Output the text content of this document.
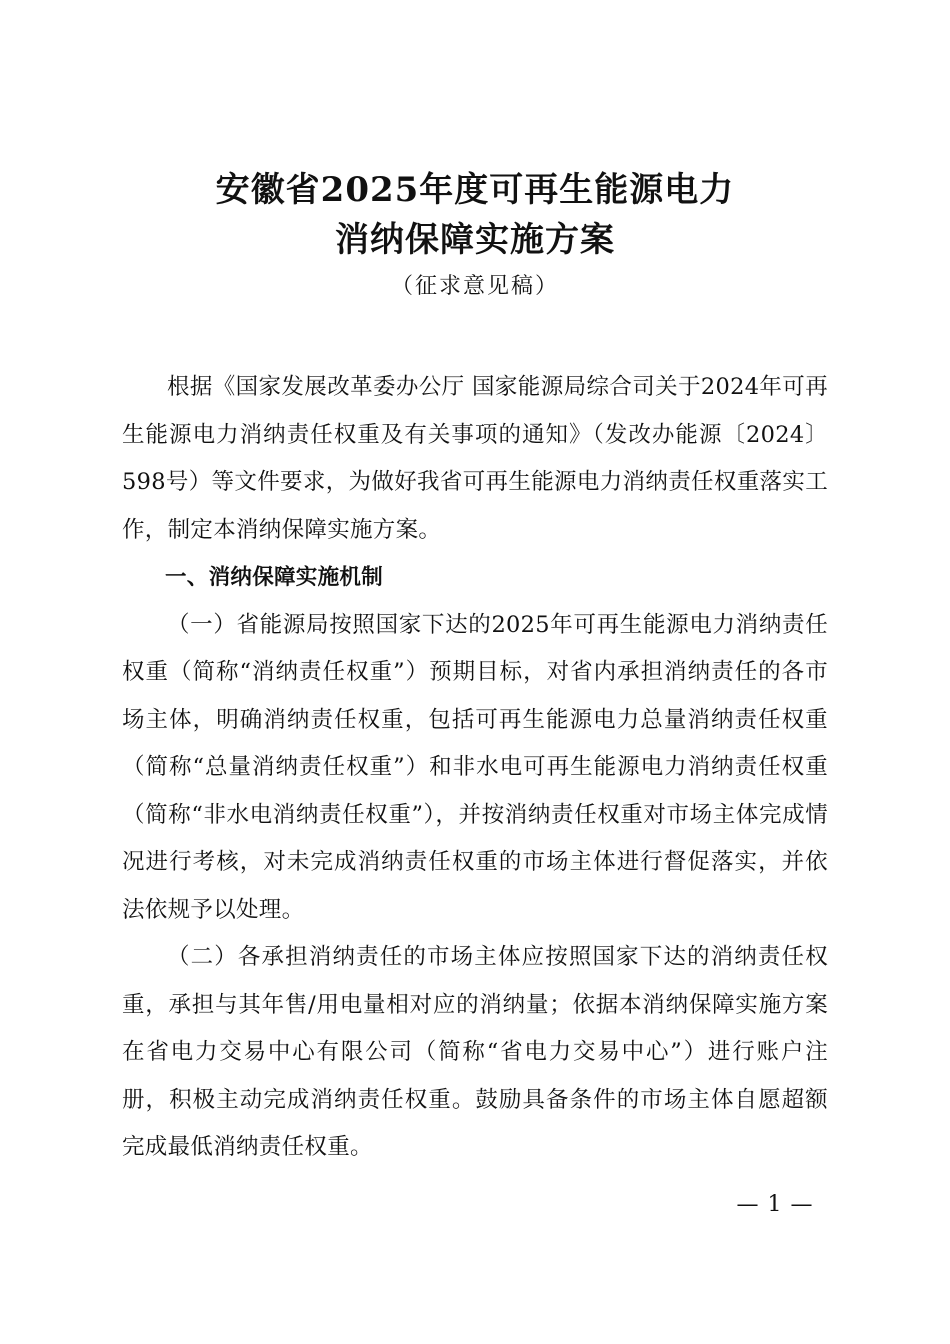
安徽省2025年度可再生能源电力
消纳保障实施方案
（征求意见稿）

根据《国家发展改革委办公厅 国家能源局综合司关于2024年可再生能源电力消纳责任权重及有关事项的通知》（发改办能源〔2024〕598号）等文件要求，为做好我省可再生能源电力消纳责任权重落实工作，制定本消纳保障实施方案。

一、消纳保障实施机制

（一）省能源局按照国家下达的2025年可再生能源电力消纳责任权重（简称“消纳责任权重”）预期目标，对省内承担消纳责任的各市场主体，明确消纳责任权重，包括可再生能源电力总量消纳责任权重（简称“总量消纳责任权重”）和非水电可再生能源电力消纳责任权重（简称“非水电消纳责任权重”），并按消纳责任权重对市场主体完成情况进行考核，对未完成消纳责任权重的市场主体进行督促落实，并依法依规予以处理。

（二）各承担消纳责任的市场主体应按照国家下达的消纳责任权重，承担与其年售/用电量相对应的消纳量；依据本消纳保障实施方案在省电力交易中心有限公司（简称“省电力交易中心”）进行账户注册，积极主动完成消纳责任权重。鼓励具备条件的市场主体自愿超额完成最低消纳责任权重。

— 1 —
